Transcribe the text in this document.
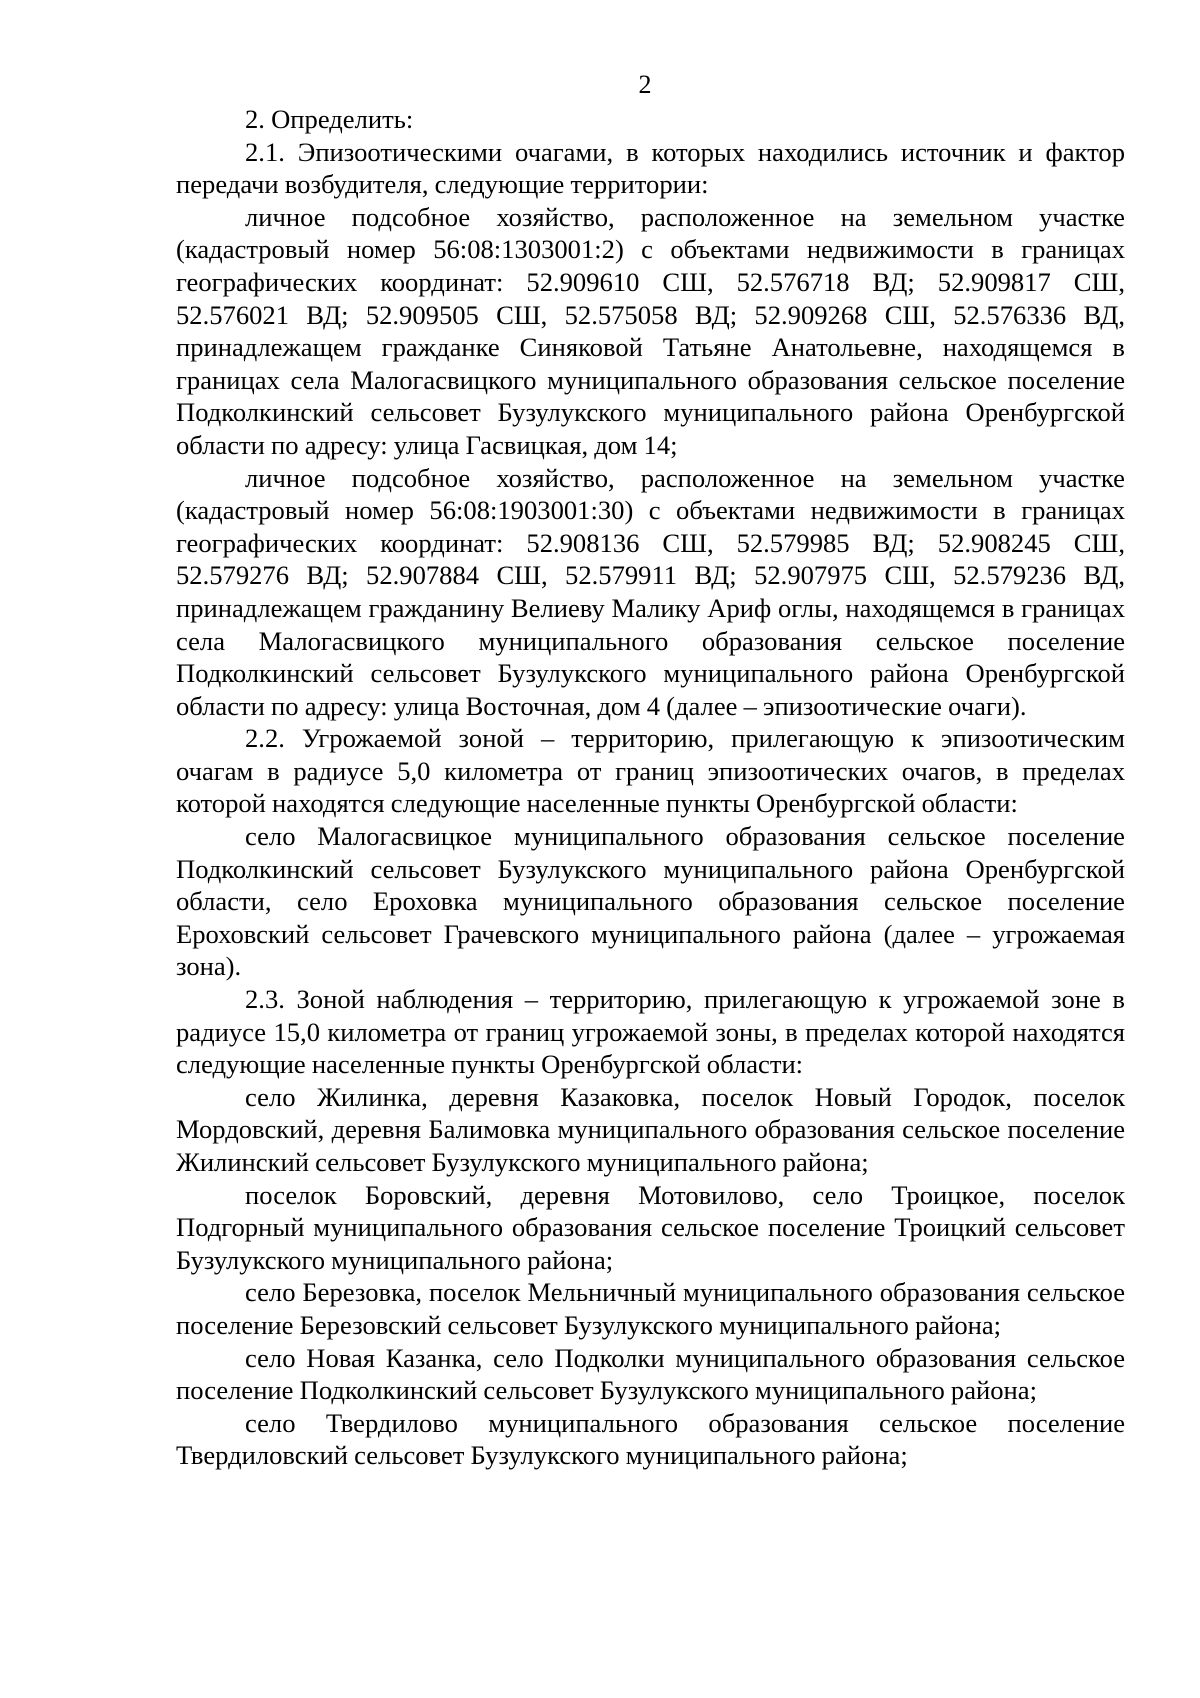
2

2. Определить:

2.1. Эпизоотическими очагами, в которых находились источник и фактор передачи возбудителя, следующие территории:

личное подсобное хозяйство, расположенное на земельном участке (кадастровый номер 56:08:1303001:2) с объектами недвижимости в границах географических координат: 52.909610 СШ, 52.576718 ВД; 52.909817 СШ, 52.576021 ВД; 52.909505 СШ, 52.575058 ВД; 52.909268 СШ, 52.576336 ВД, принадлежащем гражданке Синяковой Татьяне Анатольевне, находящемся в границах села Малогасвицкого муниципального образования сельское поселение Подколкинский сельсовет Бузулукского муниципального района Оренбургской области по адресу: улица Гасвицкая, дом 14;

личное подсобное хозяйство, расположенное на земельном участке (кадастровый номер 56:08:1903001:30) с объектами недвижимости в границах географических координат: 52.908136 СШ, 52.579985 ВД; 52.908245 СШ, 52.579276 ВД; 52.907884 СШ, 52.579911 ВД; 52.907975 СШ, 52.579236 ВД, принадлежащем гражданину Велиеву Малику Ариф оглы, находящемся в границах села Малогасвицкого муниципального образования сельское поселение Подколкинский сельсовет Бузулукского муниципального района Оренбургской области по адресу: улица Восточная, дом 4 (далее – эпизоотические очаги).

2.2. Угрожаемой зоной – территорию, прилегающую к эпизоотическим очагам в радиусе 5,0 километра от границ эпизоотических очагов, в пределах которой находятся следующие населенные пункты Оренбургской области:

село Малогасвицкое муниципального образования сельское поселение Подколкинский сельсовет Бузулукского муниципального района Оренбургской области, село Ероховка муниципального образования сельское поселение Ероховский сельсовет Грачевского муниципального района (далее – угрожаемая зона).

2.3. Зоной наблюдения – территорию, прилегающую к угрожаемой зоне в радиусе 15,0 километра от границ угрожаемой зоны, в пределах которой находятся следующие населенные пункты Оренбургской области:

село Жилинка, деревня Казаковка, поселок Новый Городок, поселок Мордовский, деревня Балимовка муниципального образования сельское поселение Жилинский сельсовет Бузулукского муниципального района;

поселок Боровский, деревня Мотовилово, село Троицкое, поселок Подгорный муниципального образования сельское поселение Троицкий сельсовет Бузулукского муниципального района;

село Березовка, поселок Мельничный муниципального образования сельское поселение Березовский сельсовет Бузулукского муниципального района;

село Новая Казанка, село Подколки муниципального образования сельское поселение Подколкинский сельсовет Бузулукского муниципального района;

село Твердилово муниципального образования сельское поселение Твердиловский сельсовет Бузулукского муниципального района;
